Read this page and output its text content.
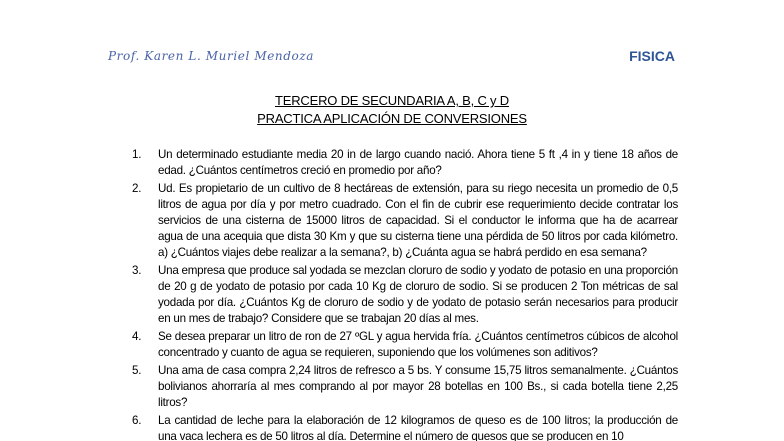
Prof. Karen L. Muriel Mendoza	FISICA
TERCERO DE SECUNDARIA A, B, C y D
PRACTICA APLICACIÓN DE CONVERSIONES
1.	Un determinado estudiante media 20 in de largo cuando nació. Ahora tiene 5 ft ,4 in y tiene 18 años de edad. ¿Cuántos centímetros creció en promedio por año?
2.	Ud. Es propietario de un cultivo de 8 hectáreas de extensión, para su riego necesita un promedio de 0,5 litros de agua por día y por metro cuadrado. Con el fin de cubrir ese requerimiento decide contratar los servicios de una cisterna de 15000 litros de capacidad. Si el conductor le informa que ha de acarrear agua de una acequia que dista 30 Km y que su cisterna tiene una pérdida de 50 litros por cada kilómetro. a) ¿Cuántos viajes debe realizar a la semana?, b) ¿Cuánta agua se habrá perdido en esa semana?
3.	Una empresa que produce sal yodada se mezclan cloruro de sodio y yodato de potasio en una proporción de 20 g de yodato de potasio por cada 10 Kg de cloruro de sodio. Si se producen 2 Ton métricas de sal yodada por día. ¿Cuántos Kg de cloruro de sodio y de yodato de potasio serán necesarios para producir en un mes de trabajo? Considere que se trabajan 20 días al mes.
4.	Se desea preparar un litro de ron de 27 ºGL y agua hervida fría. ¿Cuántos centímetros cúbicos de alcohol concentrado y cuanto de agua se requieren, suponiendo que los volúmenes son aditivos?
5.	Una ama de casa compra 2,24 litros de refresco a 5 bs. Y consume 15,75 litros semanalmente. ¿Cuántos bolivianos ahorraría al mes comprando al por mayor 28 botellas en 100 Bs., si cada botella tiene 2,25 litros?
6.	La cantidad de leche para la elaboración de 12 kilogramos de queso es de 100 litros; la producción de una vaca lechera es de 50 litros al día. Determine el número de quesos que se producen en 10
